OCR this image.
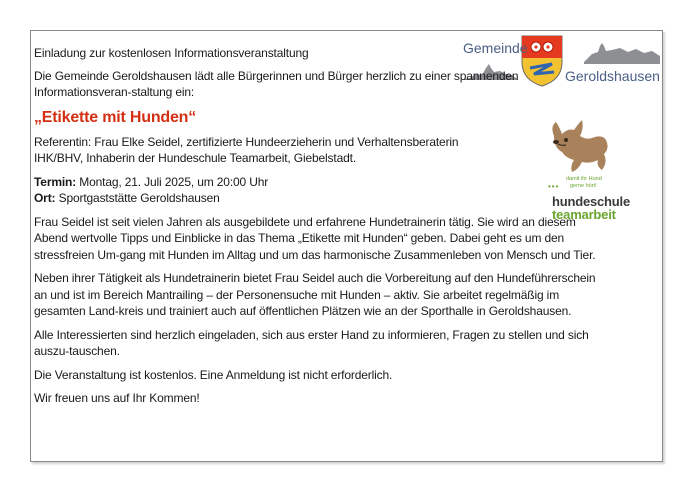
Gemeinde
Geroldshausen
•••
damit ihr Hund
gerne hört!
hundeschule
teamarbeit

Einladung zur kostenlosen Informationsveranstaltung

Die Gemeinde Geroldshausen lädt alle Bürgerinnen und Bürger herzlich zu einer spannenden Informationsveran-staltung ein:

„Etikette mit Hunden“

Referentin: Frau Elke Seidel, zertifizierte Hundeerzieherin und Verhaltensberaterin IHK/BHV, Inhaberin der Hundeschule Teamarbeit, Giebelstadt.

Termin: Montag, 21. Juli 2025, um 20:00 Uhr
Ort: Sportgaststätte Geroldshausen

Frau Seidel ist seit vielen Jahren als ausgebildete und erfahrene Hundetrainerin tätig. Sie wird an diesem Abend wertvolle Tipps und Einblicke in das Thema „Etikette mit Hunden“ geben. Dabei geht es um den stressfreien Um-gang mit Hunden im Alltag und um das harmonische Zusammenleben von Mensch und Tier.

Neben ihrer Tätigkeit als Hundetrainerin bietet Frau Seidel auch die Vorbereitung auf den Hundeführerschein an und ist im Bereich Mantrailing – der Personensuche mit Hunden – aktiv. Sie arbeitet regelmäßig im gesamten Land-kreis und trainiert auch auf öffentlichen Plätzen wie an der Sporthalle in Geroldshausen.

Alle Interessierten sind herzlich eingeladen, sich aus erster Hand zu informieren, Fragen zu stellen und sich auszu-tauschen.

Die Veranstaltung ist kostenlos. Eine Anmeldung ist nicht erforderlich.

Wir freuen uns auf Ihr Kommen!
